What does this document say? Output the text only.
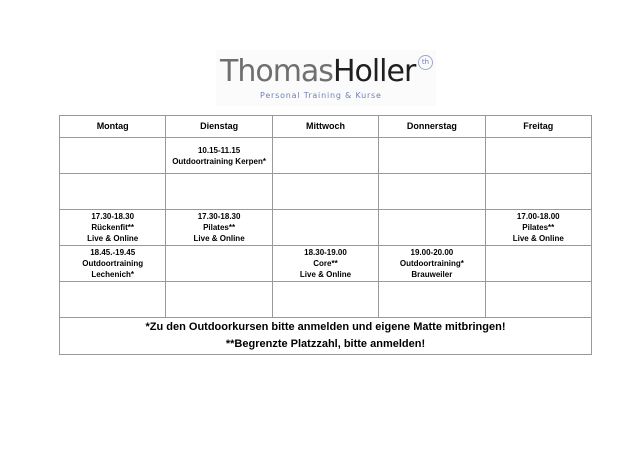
ThomasHoller th
Personal Training & Kurse
Montag	Dienstag	Mittwoch	Donnerstag	Freitag

	10.15-11.15
Outdoortraining Kerpen*			

17.30-18.30
Rückenfit**
Live & Online	17.30-18.30
Pilates**
Live & Online			17.00-18.00
Pilates**
Live & Online

18.45.-19.45
Outdoortraining
Lechenich*		18.30-19.00
Core**
Live & Online	19.00-20.00
Outdoortraining*
Brauweiler	

*Zu den Outdoorkursen bitte anmelden und eigene Matte mitbringen!
**Begrenzte Platzzahl, bitte anmelden!				
